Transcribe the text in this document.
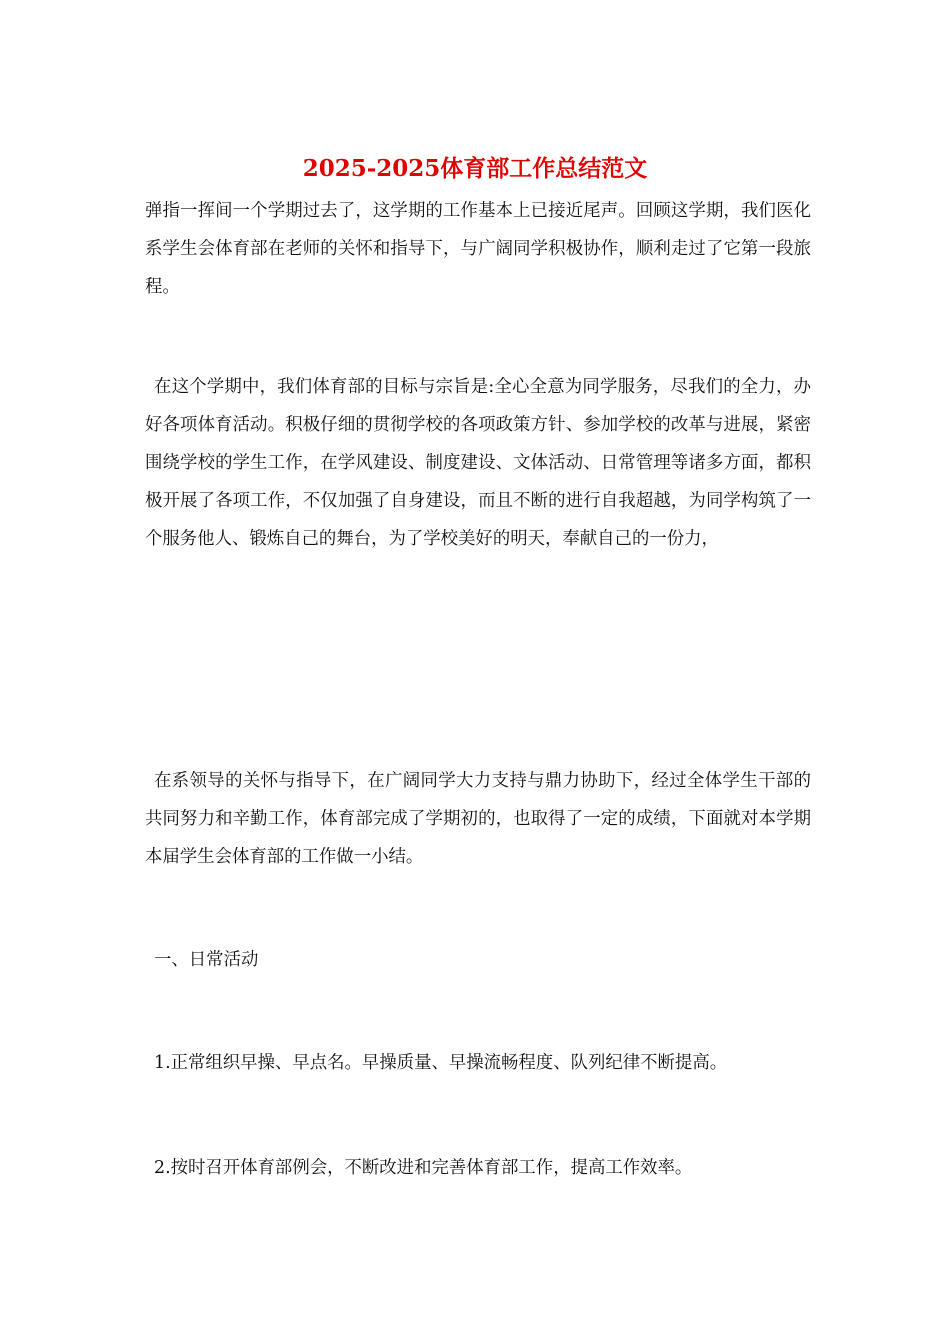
2025-2025体育部工作总结范文

弹指一挥间一个学期过去了，这学期的工作基本上已接近尾声。回顾这学期，我们医化系学生会体育部在老师的关怀和指导下，与广阔同学积极协作，顺利走过了它第一段旅程。

在这个学期中，我们体育部的目标与宗旨是:全心全意为同学服务，尽我们的全力，办好各项体育活动。积极仔细的贯彻学校的各项政策方针、参加学校的改革与进展，紧密围绕学校的学生工作，在学风建设、制度建设、文体活动、日常管理等诸多方面，都积极开展了各项工作，不仅加强了自身建设，而且不断的进行自我超越，为同学构筑了一个服务他人、锻炼自己的舞台，为了学校美好的明天，奉献自己的一份力，

在系领导的关怀与指导下，在广阔同学大力支持与鼎力协助下，经过全体学生干部的共同努力和辛勤工作，体育部完成了学期初的，也取得了一定的成绩，下面就对本学期本届学生会体育部的工作做一小结。

一、日常活动

1.正常组织早操、早点名。早操质量、早操流畅程度、队列纪律不断提高。

2.按时召开体育部例会，不断改进和完善体育部工作，提高工作效率。
